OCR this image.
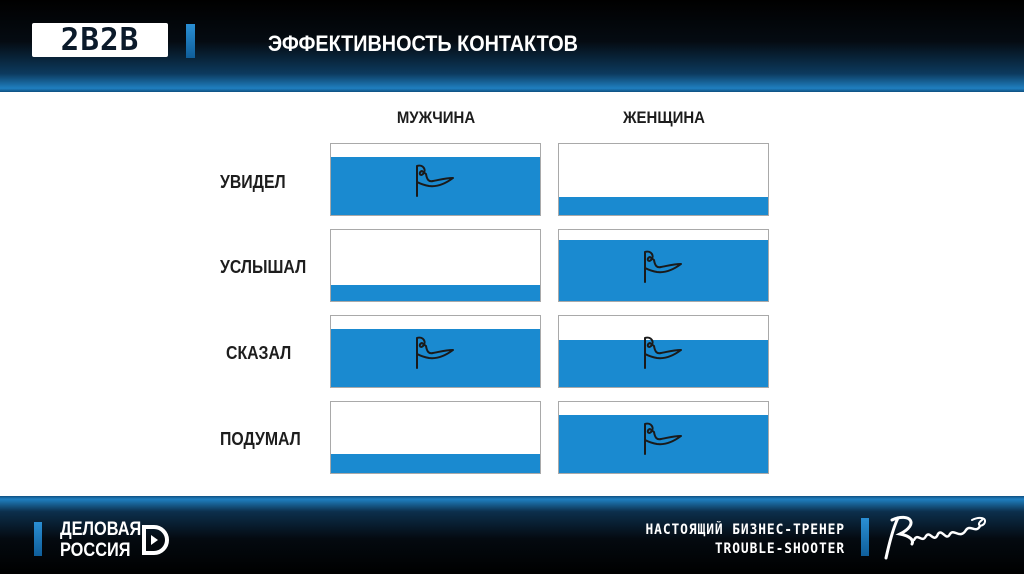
2B2B	ЭФФЕКТИВНОСТЬ КОНТАКТОВ
МУЖЧИНА	ЖЕНЩИНА
УВИДЕЛ
УСЛЫШАЛ
СКАЗАЛ
ПОДУМАЛ
ДЕЛОВАЯ
РОССИЯ
НАСТОЯЩИЙ БИЗНЕС-ТРЕНЕР
TROUBLE-SHOOTER
